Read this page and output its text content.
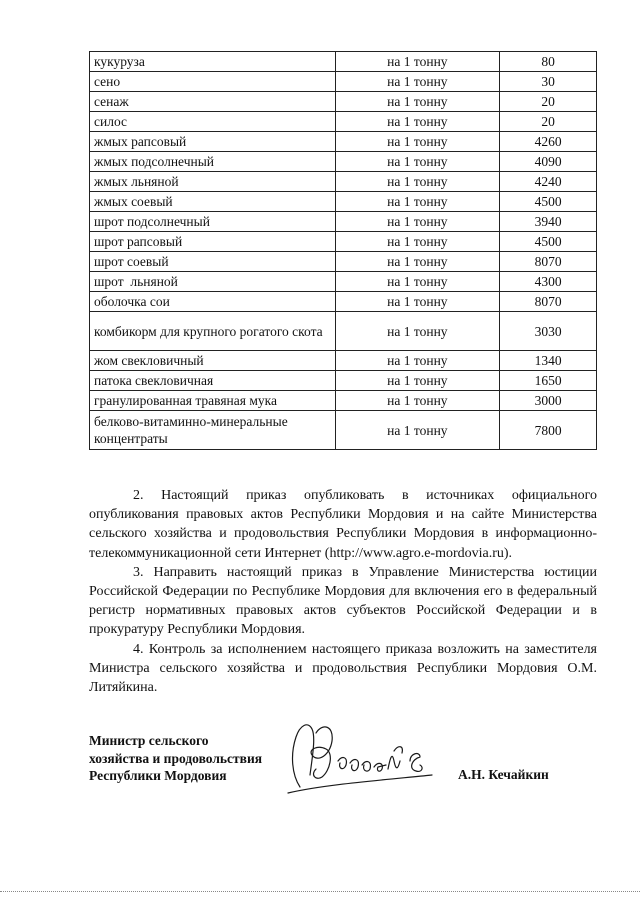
кукуруза	на 1 тонну	80
сено	на 1 тонну	30
сенаж	на 1 тонну	20
силос	на 1 тонну	20
жмых рапсовый	на 1 тонну	4260
жмых подсолнечный	на 1 тонну	4090
жмых льняной	на 1 тонну	4240
жмых соевый	на 1 тонну	4500
шрот подсолнечный	на 1 тонну	3940
шрот рапсовый	на 1 тонну	4500
шрот соевый	на 1 тонну	8070
шрот  льняной	на 1 тонну	4300
оболочка сои	на 1 тонну	8070
комбикорм для крупного рогатого скота	на 1 тонну	3030
жом свекловичный	на 1 тонну	1340
патока свекловичная	на 1 тонну	1650
гранулированная травяная мука	на 1 тонну	3000
белково-витаминно-минеральные концентраты	на 1 тонну	7800

2. Настоящий приказ опубликовать в источниках официального опубликования правовых актов Республики Мордовия и на сайте Министерства сельского хозяйства и продовольствия Республики Мордовия в информационно-телекоммуникационной сети Интернет (http://www.agro.e-mordovia.ru).

3. Направить настоящий приказ в Управление Министерства юстиции Российской Федерации по Республике Мордовия для включения его в федеральный регистр нормативных правовых актов субъектов Российской Федерации и в прокуратуру Республики Мордовия.

4. Контроль за исполнением настоящего приказа возложить на заместителя Министра сельского хозяйства и продовольствия Республики Мордовия О.М. Литяйкина.

Министр сельского
хозяйства и продовольствия
Республики Мордовия	А.Н. Кечайкин
